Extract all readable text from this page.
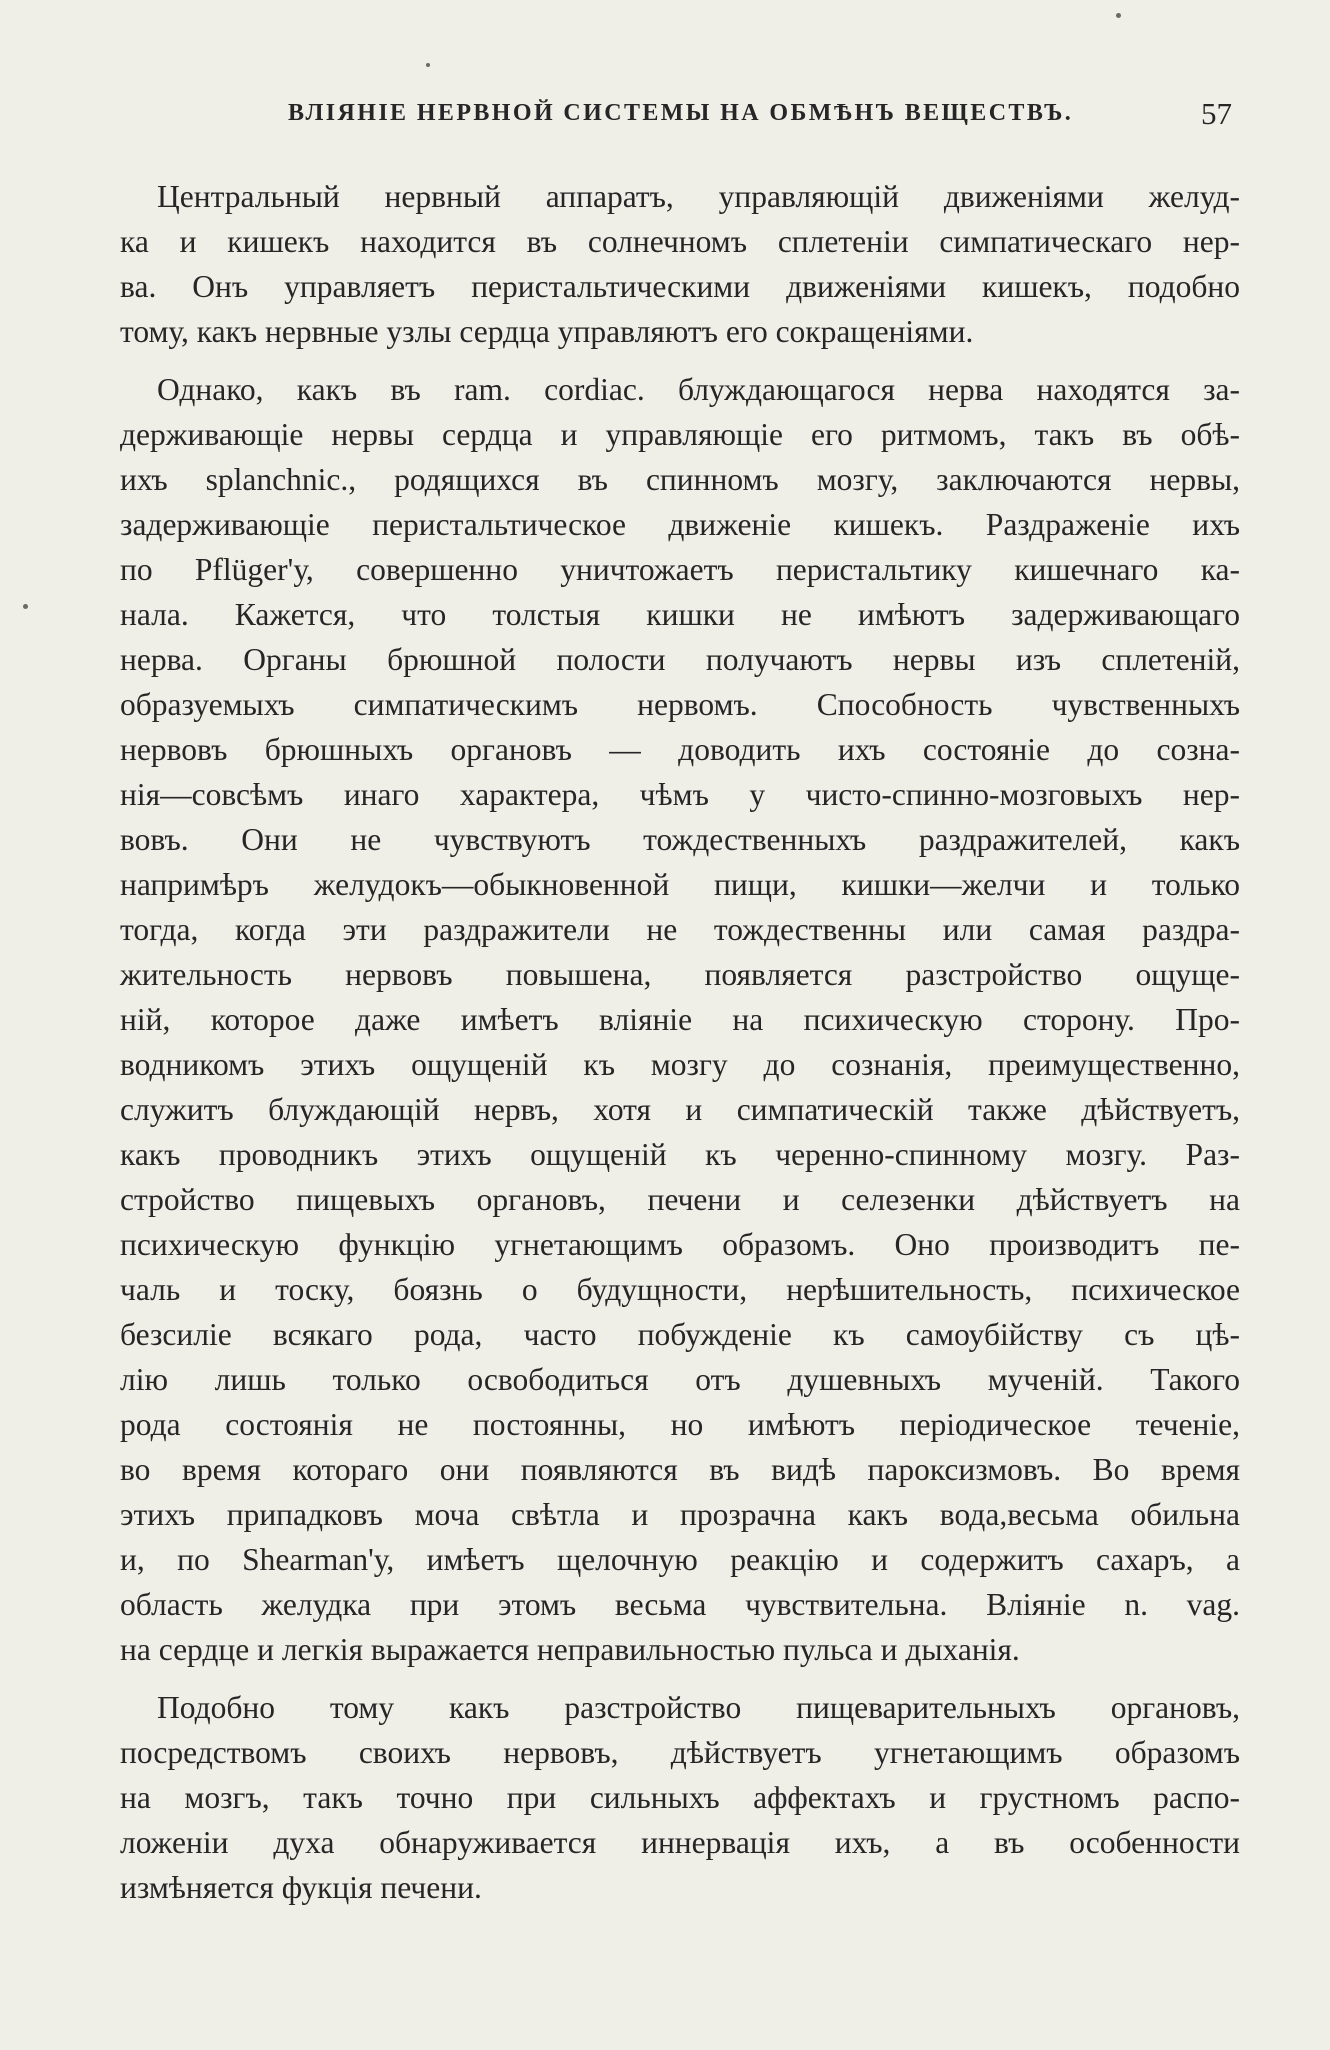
ВЛІЯНІЕ НЕРВНОЙ СИСТЕМЫ НА ОБМѢНЪ ВЕЩЕСТВЪ.	57
Центральный нервный аппаратъ, управляющій движеніями желуд-
ка и кишекъ находится въ солнечномъ сплетеніи симпатическаго нер-
ва. Онъ управляетъ перистальтическими движеніями кишекъ, подобно
тому, какъ нервные узлы сердца управляютъ его сокращеніями.
Однако, какъ въ ram. cordiac. блуждающагося нерва находятся за-
держивающіе нервы сердца и управляющіе его ритмомъ, такъ въ обѣ-
ихъ splanchnic., родящихся въ спинномъ мозгу, заключаются нервы,
задерживающіе перистальтическое движеніе кишекъ. Раздраженіе ихъ
по Pflüger'у, совершенно уничтожаетъ перистальтику кишечнаго ка-
нала. Кажется, что толстыя кишки не имѣютъ задерживающаго
нерва. Органы брюшной полости получаютъ нервы изъ сплетеній,
образуемыхъ симпатическимъ нервомъ. Способность чувственныхъ
нервовъ брюшныхъ органовъ — доводить ихъ состояніе до созна-
нія—совсѣмъ инаго характера, чѣмъ у чисто-спинно-мозговыхъ нер-
вовъ. Они не чувствуютъ тождественныхъ раздражителей, какъ
напримѣръ желудокъ—обыкновенной пищи, кишки—желчи и только
тогда, когда эти раздражители не тождественны или самая раздра-
жительность нервовъ повышена, появляется разстройство ощуще-
ній, которое даже имѣетъ вліяніе на психическую сторону. Про-
водникомъ этихъ ощущеній къ мозгу до сознанія, преимущественно,
служитъ блуждающій нервъ, хотя и симпатическій также дѣйствуетъ,
какъ проводникъ этихъ ощущеній къ черенно-спинному мозгу. Раз-
стройство пищевыхъ органовъ, печени и селезенки дѣйствуетъ на
психическую функцію угнетающимъ образомъ. Оно производитъ пе-
чаль и тоску, боязнь о будущности, нерѣшительность, психическое
безсиліе всякаго рода, часто побужденіе къ самоубійству съ цѣ-
лію лишь только освободиться отъ душевныхъ мученій. Такого
рода состоянія не постоянны, но имѣютъ періодическое теченіе,
во время котораго они появляются въ видѣ пароксизмовъ. Во время
этихъ припадковъ моча свѣтла и прозрачна какъ вода,весьма обильна
и, по Shearman'у, имѣетъ щелочную реакцію и содержитъ сахаръ, а
область желудка при этомъ весьма чувствительна. Вліяніе n. vag.
на сердце и легкія выражается неправильностью пульса и дыханія.
Подобно тому какъ разстройство пищеварительныхъ органовъ,
посредствомъ своихъ нервовъ, дѣйствуетъ угнетающимъ образомъ
на мозгъ, такъ точно при сильныхъ аффектахъ и грустномъ распо-
ложеніи духа обнаруживается иннервація ихъ, а въ особенности
измѣняется фукція печени.
